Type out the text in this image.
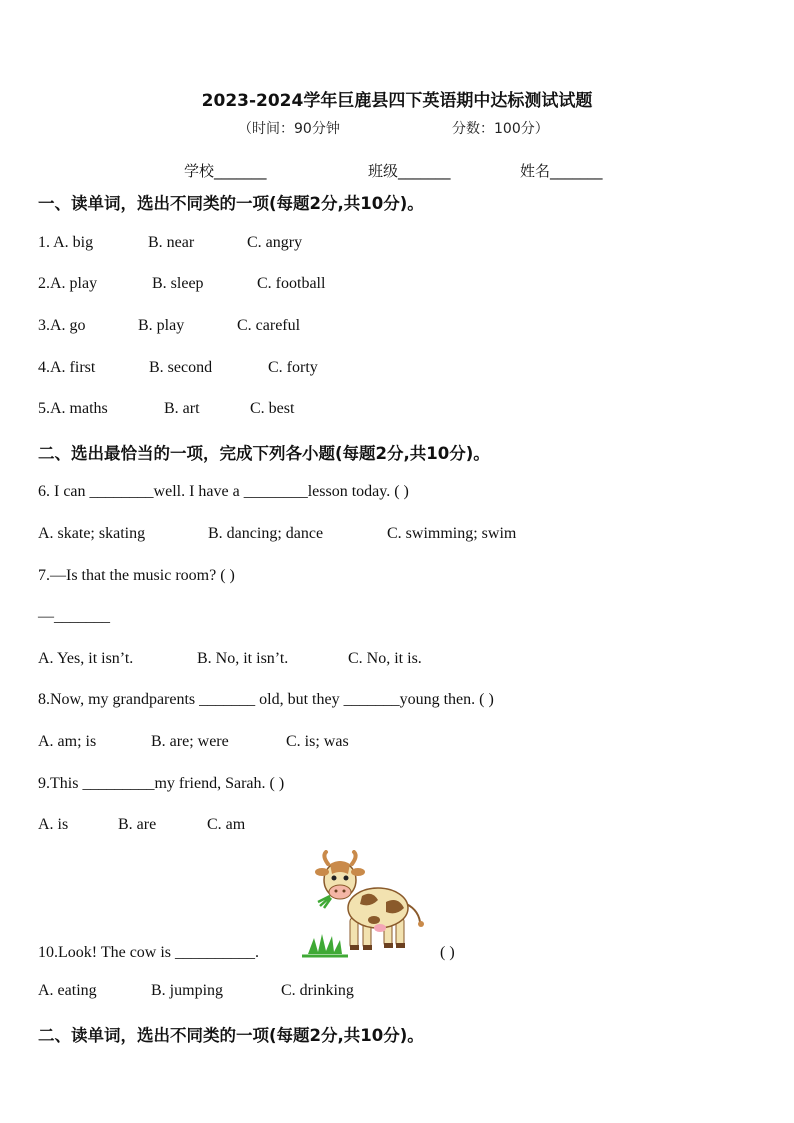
2023-2024学年巨鹿县四下英语期中达标测试试题
（时间：90分钟	分数：100分）
学校_______	班级_______	姓名_______
一、读单词，选出不同类的一项(每题2分,共10分)。
1. A. big	B. near	C. angry
2.A. play	B. sleep	C. football
3.A. go	B. play	C. careful
4.A. first	B. second	C. forty
5.A. maths	B. art	C. best
二、选出最恰当的一项，完成下列各小题(每题2分,共10分)。
6. I can ________well. I have a ________lesson today. ( )
A. skate; skating	B. dancing; dance	C. swimming; swim
7.—Is that the music room? ( )
—_______
A. Yes, it isn’t.	B. No, it isn’t.	C. No, it is.
8.Now, my grandparents _______ old, but they _______young then. ( )
A. am; is	B. are; were	C. is; was
9.This _________my friend, Sarah. ( )
A. is	B. are	C. am
10.Look! The cow is __________.	( )
A. eating	B. jumping	C. drinking
二、读单词，选出不同类的一项(每题2分,共10分)。
